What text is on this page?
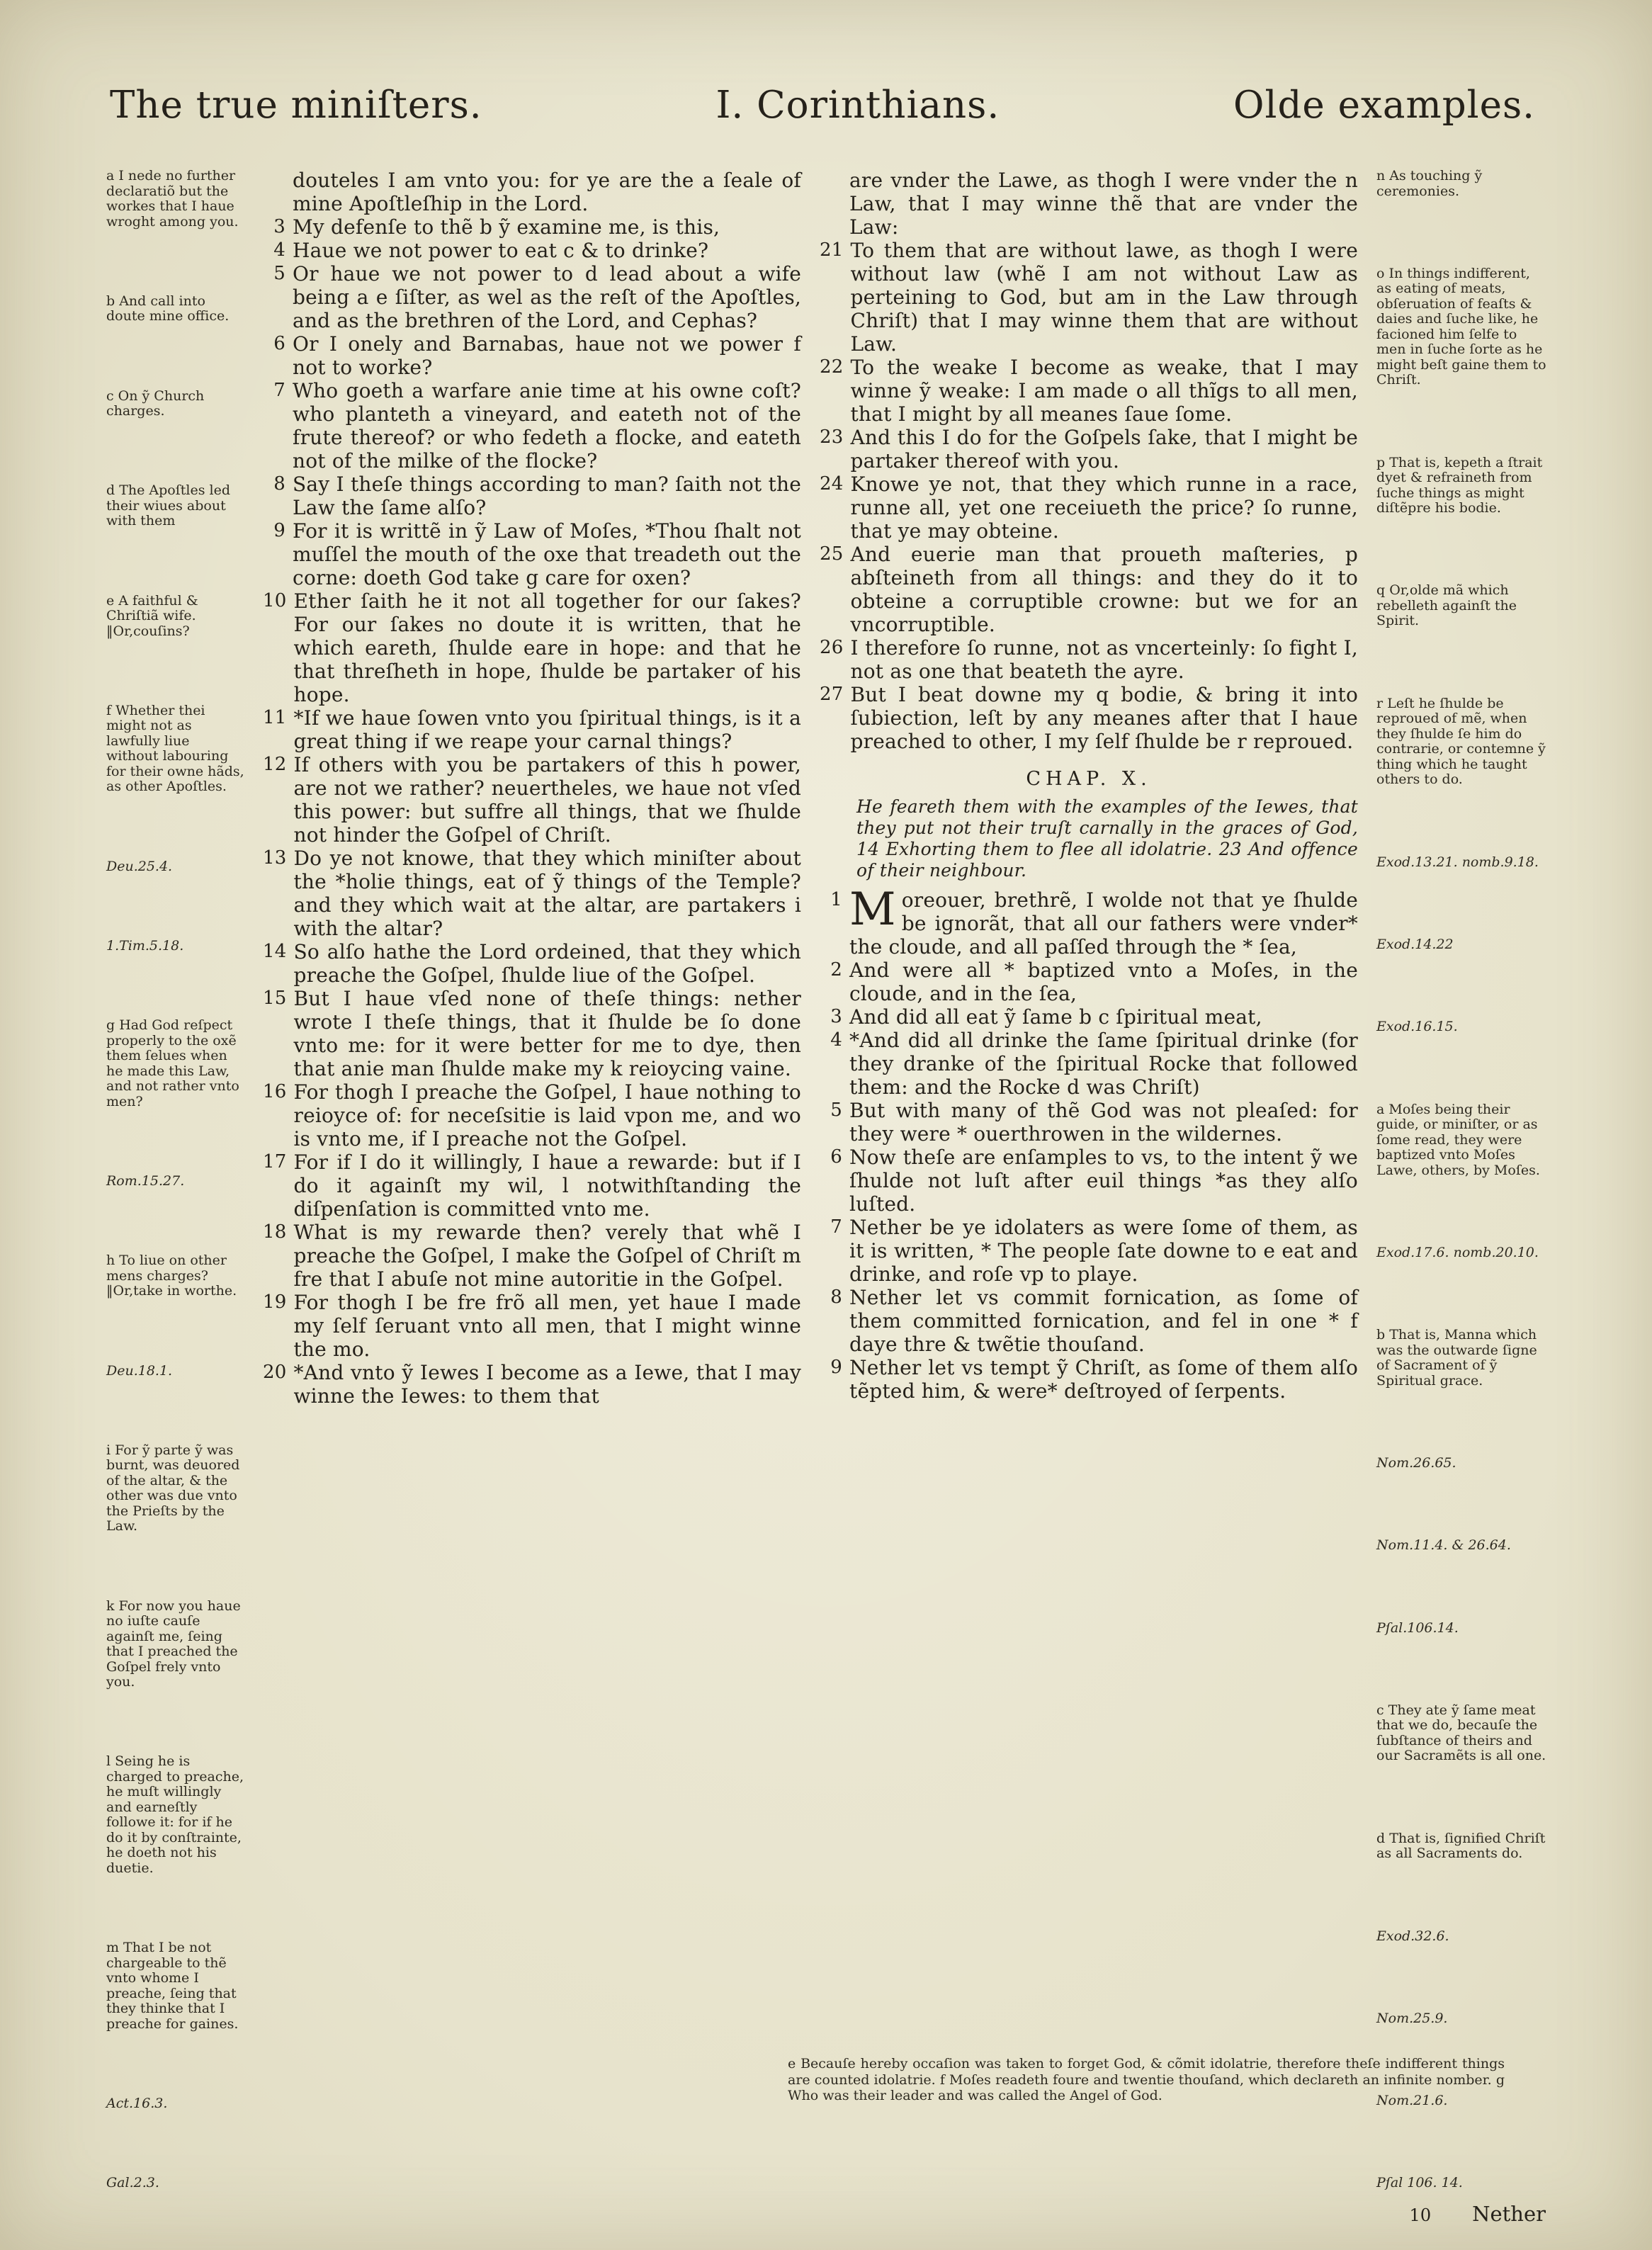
The true miniſters.	I. Corinthians.	Olde examples.

a I nede no further declaratiõ but the workes that I haue wroght among you.

b And call into doute mine office.

c On ỹ Church charges.

d The Apoſtles led their wiues about with them

e A faithful & Chriſtiã wife. ‖Or,couſins?

f Whether thei might not as lawfully liue without labouring for their owne hãds, as other Apoſtles.

Deu.25.4.

1.Tim.5.18.

g Had God reſpect properly to the oxẽ them ſelues when he made this Law, and not rather vnto men?

Rom.15.27.

h To liue on other mens charges? ‖Or,take in worthe.

Deu.18.1.

i For ỹ parte ỹ was burnt, was deuored of the altar, & the other was due vnto the Prieſts by the Law.

k For now you haue no iuſte cauſe againſt me, ſeing that I preached the Goſpel frely vnto you.

l Seing he is charged to preache, he muſt willingly and earneſtly followe it: for if he do it by conſtrainte, he doeth not his duetie.

m That I be not chargeable to thẽ vnto whome I preache, ſeing that they thinke that I preache for gaines.

Act.16.3.

Gal.2.3.

douteles I am vnto you: for ye are the a ſeale of mine Apoſtleſhip in the Lord.

3 My defenſe to thẽ b ỹ examine me, is this,

4 Haue we not power to eat c & to drinke?

5 Or haue we not power to d lead about a wife being a e ſiſter, as wel as the reſt of the Apoſtles, and as the brethren of the Lord, and Cephas?

6 Or I onely and Barnabas, haue not we power f not to worke?

7 Who goeth a warfare anie time at his owne coſt? who planteth a vineyard, and eateth not of the frute thereof? or who fedeth a flocke, and eateth not of the milke of the flocke?

8 Say I theſe things according to man? ſaith not the Law the ſame alſo?

9 For it is writtẽ in ỹ Law of Moſes, *Thou ſhalt not muſſel the mouth of the oxe that treadeth out the corne: doeth God take g care for oxen?

10 Ether ſaith he it not all together for our ſakes? For our ſakes no doute it is written, that he which eareth, ſhulde eare in hope: and that he that threſheth in hope, ſhulde be partaker of his hope.

11 *If we haue ſowen vnto you ſpiritual things, is it a great thing if we reape your carnal things?

12 If others with you be partakers of this h power, are not we rather? neuertheles, we haue not vſed this power: but suffre all things, that we ſhulde not hinder the Goſpel of Chriſt.

13 Do ye not knowe, that they which miniſter about the *holie things, eat of ỹ things of the Temple? and they which wait at the altar, are partakers i with the altar?

14 So alſo hathe the Lord ordeined, that they which preache the Goſpel, ſhulde liue of the Goſpel.

15 But I haue vſed none of theſe things: nether wrote I theſe things, that it ſhulde be ſo done vnto me: for it were better for me to dye, then that anie man ſhulde make my k reioycing vaine.

16 For thogh I preache the Goſpel, I haue nothing to reioyce of: for neceſsitie is laid vpon me, and wo is vnto me, if I preache not the Goſpel.

17 For if I do it willingly, I haue a rewarde: but if I do it againſt my wil, l notwithſtanding the diſpenſation is committed vnto me.

18 What is my rewarde then? verely that whẽ I preache the Goſpel, I make the Goſpel of Chriſt m fre that I abuſe not mine autoritie in the Goſpel.

19 For thogh I be fre frõ all men, yet haue I made my ſelf ſeruant vnto all men, that I might winne the mo.

20 *And vnto ỹ Iewes I become as a Iewe, that I may winne the Iewes: to them that

are vnder the Lawe, as thogh I were vnder the n Law, that I may winne thẽ that are vnder the Law:

21 To them that are without lawe, as thogh I were without law (whẽ I am not without Law as perteining to God, but am in the Law through Chriſt) that I may winne them that are without Law.

22 To the weake I become as weake, that I may winne ỹ weake: I am made o all thĩgs to all men, that I might by all meanes ſaue ſome.

23 And this I do for the Goſpels ſake, that I might be partaker thereof with you.

24 Knowe ye not, that they which runne in a race, runne all, yet one receiueth the price? ſo runne, that ye may obteine.

25 And euerie man that proueth maſteries, p abſteineth from all things: and they do it to obteine a corruptible crowne: but we for an vncorruptible.

26 I therefore ſo runne, not as vncerteinly: ſo fight I, not as one that beateth the ayre.

27 But I beat downe my q bodie, & bring it into ſubiection, leſt by any meanes after that I haue preached to other, I my ſelf ſhulde be r reproued.

CHAP. X.

He feareth them with the examples of the Iewes, that they put not their truſt carnally in the graces of God, 14 Exhorting them to flee all idolatrie. 23 And offence of their neighbour.

1 Moreouer, brethrẽ, I wolde not that ye ſhulde be ignorãt, that all our fathers were vnder* the cloude, and all paſſed through the * ſea,

2 And were all * baptized vnto a Moſes, in the cloude, and in the ſea,

3 And did all eat ỹ ſame b c ſpiritual meat,

4 *And did all drinke the ſame ſpiritual drinke (for they dranke of the ſpiritual Rocke that followed them: and the Rocke d was Chriſt)

5 But with many of thẽ God was not pleaſed: for they were * ouerthrowen in the wildernes.

6 Now theſe are enſamples to vs, to the intent ỹ we ſhulde not luſt after euil things *as they alſo luſted.

7 Nether be ye idolaters as were ſome of them, as it is written, * The people ſate downe to e eat and drinke, and roſe vp to playe.

8 Nether let vs commit fornication, as ſome of them committed fornication, and fel in one * f daye thre & twẽtie thouſand.

9 Nether let vs tempt ỹ Chriſt, as ſome of them alſo tẽpted him, & were* deſtroyed of ſerpents.

n As touching ỹ ceremonies.

o In things indifferent, as eating of meats, obſeruation of feaſts & daies and ſuche like, he facioned him ſelfe to men in ſuche ſorte as he might beſt gaine them to Chriſt.

p That is, kepeth a ſtrait dyet & refraineth from ſuche things as might diſtẽpre his bodie.

q Or,olde mã which rebelleth againſt the Spirit.

r Leſt he ſhulde be reproued of mẽ, when they ſhulde ſe him do contrarie, or contemne ỹ thing which he taught others to do.

Exod.13.21. nomb.9.18.

Exod.14.22

Exod.16.15.

a Moſes being their guide, or miniſter, or as ſome read, they were baptized vnto Moſes Lawe, others, by Moſes.

Exod.17.6. nomb.20.10.

b That is, Manna which was the outwarde ſigne of Sacrament of ỹ Spiritual grace.

Nom.26.65.

Nom.11.4. & 26.64.

Pſal.106.14.

c They ate ỹ ſame meat that we do, becauſe the ſubſtance of theirs and our Sacramẽts is all one.

d That is, ſignified Chriſt as all Sacraments do.

Exod.32.6.

Nom.25.9.

Nom.21.6.

Pſal 106. 14.

e Becauſe hereby occaſion was taken to forget God, & cõmit idolatrie, therefore theſe indifferent things are counted idolatrie. f Moſes readeth foure and twentie thouſand, which declareth an infinite nomber. g Who was their leader and was called the Angel of God.

10 Nether
